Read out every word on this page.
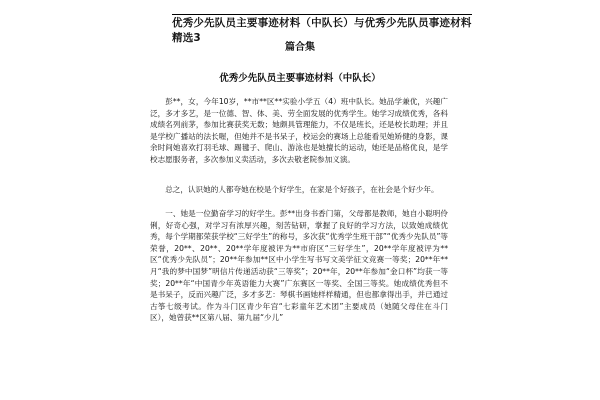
优秀少先队员主要事迹材料（中队长）与优秀少先队员事迹材料精选3
篇合集
优秀少先队员主要事迹材料（中队长）

彭**，女，今年10岁，**市**区**实验小学五（4）班中队长。她品学兼优，兴趣广泛，多才多艺，是一位德、智、体、美、劳全面发展的优秀学生。她学习成绩优秀，各科成绩名列前茅，参加比赛获奖无数；她颇具管理能力，不仅是班长，还是校长助理；并且是学校广播站的法长喔，但她并不是书呆子，校运会的赛场上总能看见她矫健的身影，课余时间她喜欢打羽毛球、踢毽子、爬山、游泳也是她擅长的运动，她还是品格优良，是学校志愿服务者，多次参加义卖活动，多次去敬老院参加义演。

总之，认识她的人都夸她在校是个好学生，在家是个好孩子，在社会是个好少年。

一、她是一位勤奋学习的好学生。彭**出身书香门第，父母都是教师，她自小聪明伶俐，好奇心强，对学习有浓厚兴趣，刻苦钻研，掌握了良好的学习方法，以致她成绩优秀，每个学期都荣获学校“三好学生”的称号，多次获“优秀学生班干部”“优秀少先队员”等荣誉，20**、20**、20**学年度被评为**市府区“三好学生”，20**学年度被评为**区“优秀少先队员”；20**年参加**区中小学生写书写文美学征文竞赛一等奖；20**年**月“我的梦中国梦”明信片传递活动获“三等奖”；20**年，20**年参加“金口杯”均获一等奖；20**年“中国青少年英语能力大赛”广东赛区一等奖、全国三等奖。她成绩优秀但不是书呆子，反而兴趣广泛，多才多艺：琴棋书画她样样精通，但也都拿得出手，并已通过古筝七级考试。作为斗门区青少年宫“七彩童年艺术团”主要成员（她随父母住在斗门区），她曾获**区第八届、第九届“少儿”
